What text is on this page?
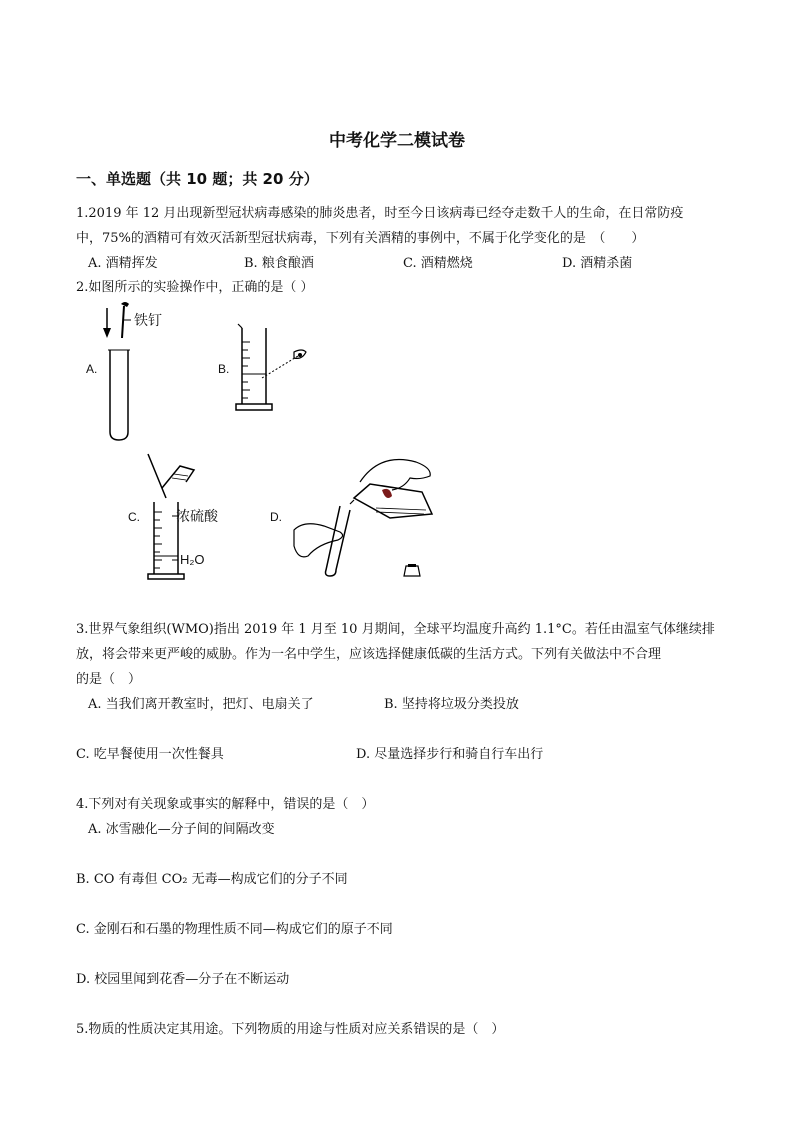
中考化学二模试卷
一、单选题（共 10 题；共 20 分）
1.2019 年 12 月出现新型冠状病毒感染的肺炎患者，时至今日该病毒已经夺走数千人的生命，在日常防疫
中，75%的酒精可有效灭活新型冠状病毒，下列有关酒精的事例中，不属于化学变化的是　（　　）
A. 酒精挥发	B. 粮食酿酒	C. 酒精燃烧	D. 酒精杀菌
2.如图所示的实验操作中，正确的是（ ）
A.	B.
C.	D.
铁钉
浓硫酸
H₂O
3.世界气象组织(WMO)指出 2019 年 1 月至 10 月期间，全球平均温度升高约 1.1°C。若任由温室气体继续排
放，将会带来更严峻的威胁。作为一名中学生，应该选择健康低碳的生活方式。下列有关做法中不合理
的是（　）
A. 当我们离开教室时，把灯、电扇关了	B. 坚持将垃圾分类投放
C. 吃早餐使用一次性餐具	D. 尽量选择步行和骑自行车出行
4.下列对有关现象或事实的解释中，错误的是（　）
A. 冰雪融化—分子间的间隔改变
B. CO 有毒但 CO₂ 无毒—构成它们的分子不同
C. 金刚石和石墨的物理性质不同—构成它们的原子不同
D. 校园里闻到花香—分子在不断运动
5.物质的性质决定其用途。下列物质的用途与性质对应关系错误的是（　）
